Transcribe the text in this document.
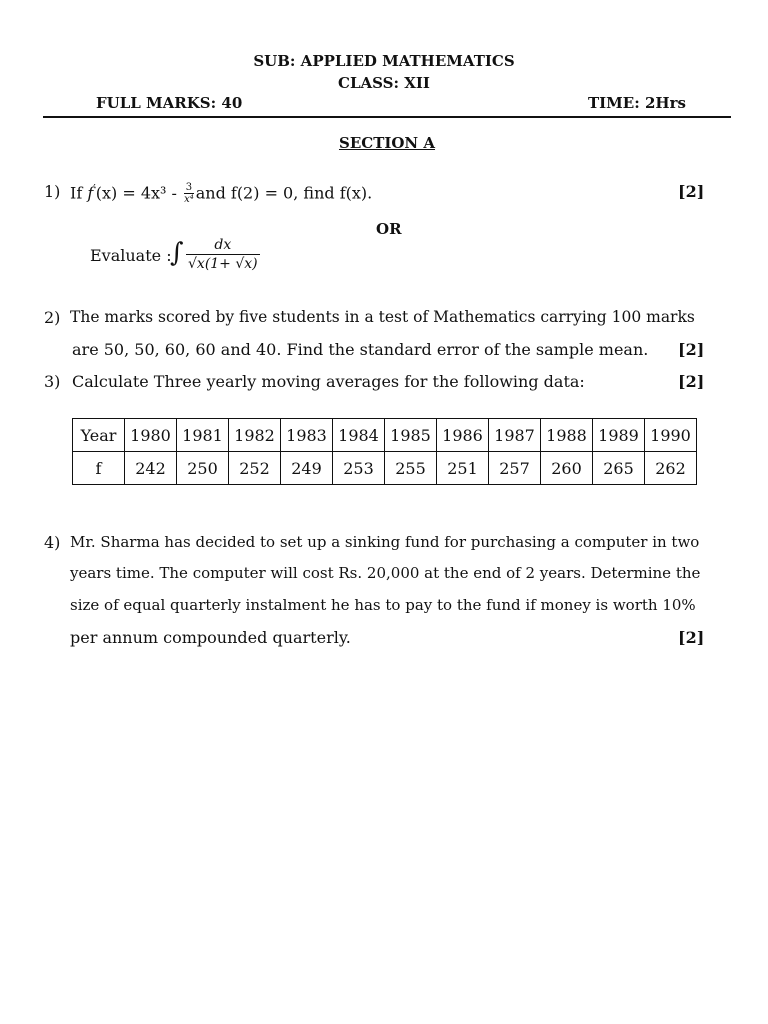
SUB: APPLIED MATHEMATICS
CLASS: XII
FULL MARKS: 40	TIME: 2Hrs
SECTION A
1) If $f'(x) = 4x^3 - \frac{3}{\text{x⁴}}$ and f(2) = 0, find f(x).	[2]
OR
Evaluate :
∫ $\frac{dx}{√x(1+ √x)}$
2) The marks scored by five students in a test of Mathematics carrying 100 marks
are 50, 50, 60, 60 and 40. Find the standard error of the sample mean. [2]
3) Calculate Three yearly moving averages for the following data:	[2]
Year	1980	1981	1982	1983	1984	1985	1986	1987	1988	1989	1990
f	242	250	252	249	253	255	251	257	260	265	262
4) Mr. Sharma has decided to set up a sinking fund for purchasing a computer in two
years time. The computer will cost Rs. 20,000 at the end of 2 years. Determine the
size of equal quarterly instalment he has to pay to the fund if money is worth 10%
per annum compounded quarterly.	[2]
